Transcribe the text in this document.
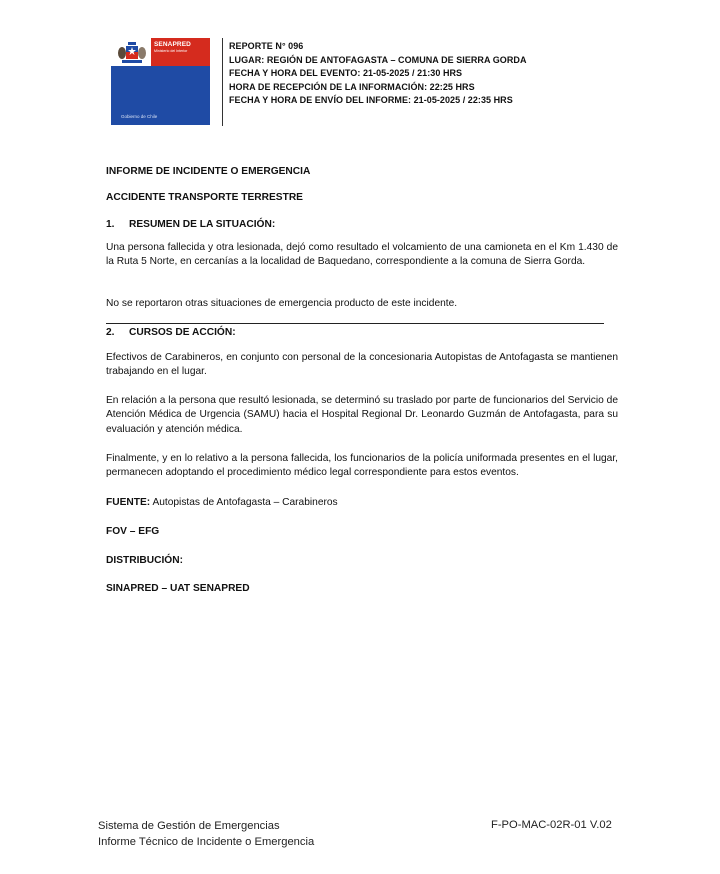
SENAPRED
Ministerio del Interior
Gobierno de Chile
REPORTE N° 096
LUGAR: REGIÓN DE ANTOFAGASTA – COMUNA DE SIERRA GORDA
FECHA Y HORA DEL EVENTO: 21-05-2025 / 21:30 HRS
HORA DE RECEPCIÓN DE LA INFORMACIÓN: 22:25 HRS
FECHA Y HORA DE ENVÍO DEL INFORME: 21-05-2025 / 22:35 HRS
INFORME DE INCIDENTE O EMERGENCIA
ACCIDENTE TRANSPORTE TERRESTRE
1. RESUMEN DE LA SITUACIÓN:
Una persona fallecida y otra lesionada, dejó como resultado el volcamiento de una camioneta en el Km 1.430 de la Ruta 5 Norte, en cercanías a la localidad de Baquedano, correspondiente a la comuna de Sierra Gorda.
No se reportaron otras situaciones de emergencia producto de este incidente.
2. CURSOS DE ACCIÓN:
Efectivos de Carabineros, en conjunto con personal de la concesionaria Autopistas de Antofagasta se mantienen trabajando en el lugar.
En relación a la persona que resultó lesionada, se determinó su traslado por parte de funcionarios del Servicio de Atención Médica de Urgencia (SAMU) hacia el Hospital Regional Dr. Leonardo Guzmán de Antofagasta, para su evaluación y atención médica.
Finalmente, y en lo relativo a la persona fallecida, los funcionarios de la policía uniformada presentes en el lugar, permanecen adoptando el procedimiento médico legal correspondiente para estos eventos.
FUENTE: Autopistas de Antofagasta – Carabineros
FOV – EFG
DISTRIBUCIÓN:
SINAPRED – UAT SENAPRED
Sistema de Gestión de Emergencias
Informe Técnico de Incidente o Emergencia
F-PO-MAC-02R-01 V.02
